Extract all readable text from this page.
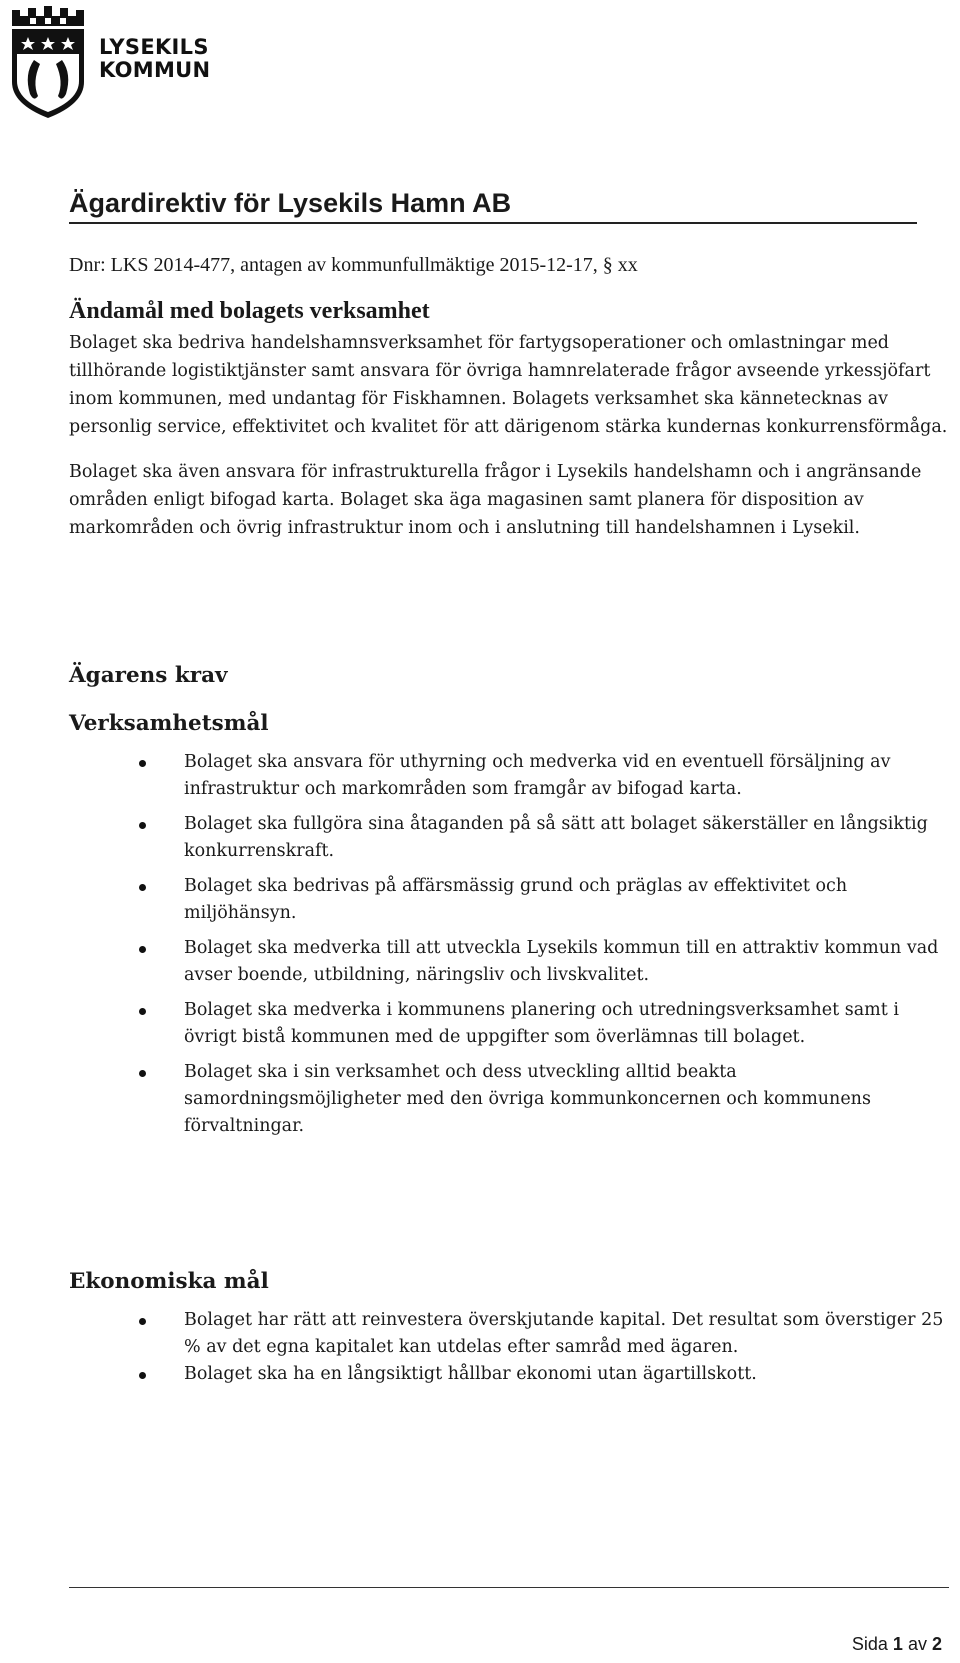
LYSEKILS
KOMMUN
Ägardirektiv för Lysekils Hamn AB

Dnr: LKS 2014-477, antagen av kommunfullmäktige 2015-12-17, § xx

Ändamål med bolagets verksamhet

Bolaget ska bedriva handelshamnsverksamhet för fartygsoperationer och omlastningar med tillhörande logistiktjänster samt ansvara för övriga hamnrelaterade frågor avseende yrkessjöfart inom kommunen, med undantag för Fiskhamnen. Bolagets verksamhet ska kännetecknas av personlig service, effektivitet och kvalitet för att därigenom stärka kundernas konkurrensförmåga.

Bolaget ska även ansvara för infrastrukturella frågor i Lysekils handelshamn och i angränsande områden enligt bifogad karta. Bolaget ska äga magasinen samt planera för disposition av markområden och övrig infrastruktur inom och i anslutning till handelshamnen i Lysekil.

Ägarens krav
Verksamhetsmål
Bolaget ska ansvara för uthyrning och medverka vid en eventuell försäljning av infrastruktur och markområden som framgår av bifogad karta.
Bolaget ska fullgöra sina åtaganden på så sätt att bolaget säkerställer en långsiktig konkurrenskraft.
Bolaget ska bedrivas på affärsmässig grund och präglas av effektivitet och miljöhänsyn.
Bolaget ska medverka till att utveckla Lysekils kommun till en attraktiv kommun vad avser boende, utbildning, näringsliv och livskvalitet.
Bolaget ska medverka i kommunens planering och utredningsverksamhet samt i övrigt bistå kommunen med de uppgifter som överlämnas till bolaget.
Bolaget ska i sin verksamhet och dess utveckling alltid beakta samordningsmöjligheter med den övriga kommunkoncernen och kommunens förvaltningar.
Ekonomiska mål
Bolaget har rätt att reinvestera överskjutande kapital. Det resultat som överstiger 25 % av det egna kapitalet kan utdelas efter samråd med ägaren.
Bolaget ska ha en långsiktigt hållbar ekonomi utan ägartillskott.

Sida 1 av 2
